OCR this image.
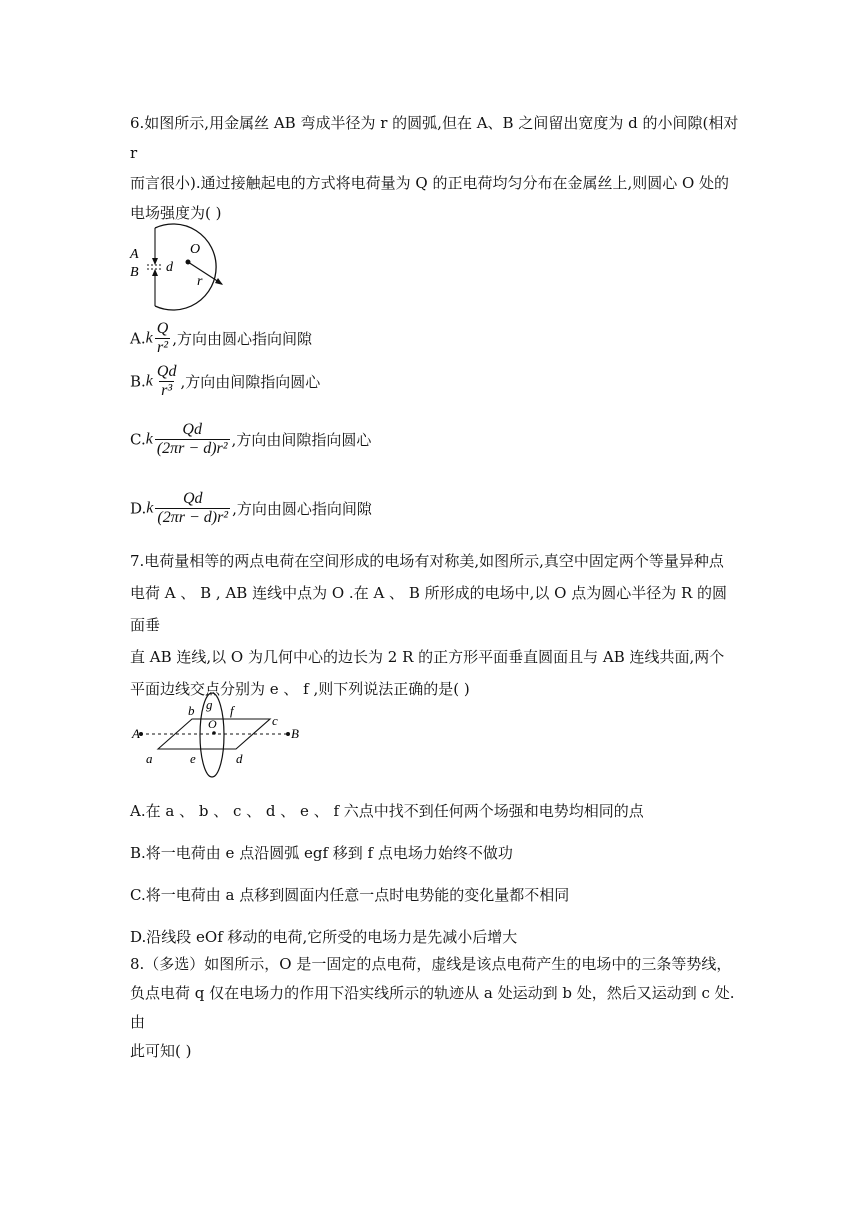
6.如图所示,用金属丝 AB 弯成半径为 r 的圆弧,但在 A、B 之间留出宽度为 d 的小间隙(相对 r

而言很小).通过接触起电的方式将电荷量为 Q 的正电荷均匀分布在金属丝上,则圆心 O 处的

电场强度为( )

A
B d
O
r
$A.k \frac{Q}{\text{r²}}$ ,方向由圆心指向间隙
$B.k \frac{Qd}{\text{r³}}$ ,方向由间隙指向圆心
$C.k \frac{Qd}{\text{(2πr − d)r²}}$ ,方向由间隙指向圆心
$D.k \frac{Qd}{\text{(2πr − d)r²}}$ ,方向由圆心指向间隙

7.电荷量相等的两点电荷在空间形成的电场有对称美,如图所示,真空中固定两个等量异种点

电荷 A 、 B , AB 连线中点为 O .在 A 、 B 所形成的电场中,以 O 点为圆心半径为 R 的圆面垂

直 AB 连线,以 O 为几何中心的边长为 2 R 的正方形平面垂直圆面且与 AB 连线共面,两个

平面边线交点分别为 e 、 f ,则下列说法正确的是( )

A	B
a
b
c
d
e
f
g
O

A.在 a 、 b 、 c 、 d 、 e 、 f 六点中找不到任何两个场强和电势均相同的点

B.将一电荷由 e 点沿圆弧 egf 移到 f 点电场力始终不做功

C.将一电荷由 a 点移到圆面内任意一点时电势能的变化量都不相同

D.沿线段 eOf 移动的电荷,它所受的电场力是先减小后增大

8.（多选）如图所示，O 是一固定的点电荷，虚线是该点电荷产生的电场中的三条等势线，

负点电荷 q 仅在电场力的作用下沿实线所示的轨迹从 a 处运动到 b 处，然后又运动到 c 处. 由

此可知( )
